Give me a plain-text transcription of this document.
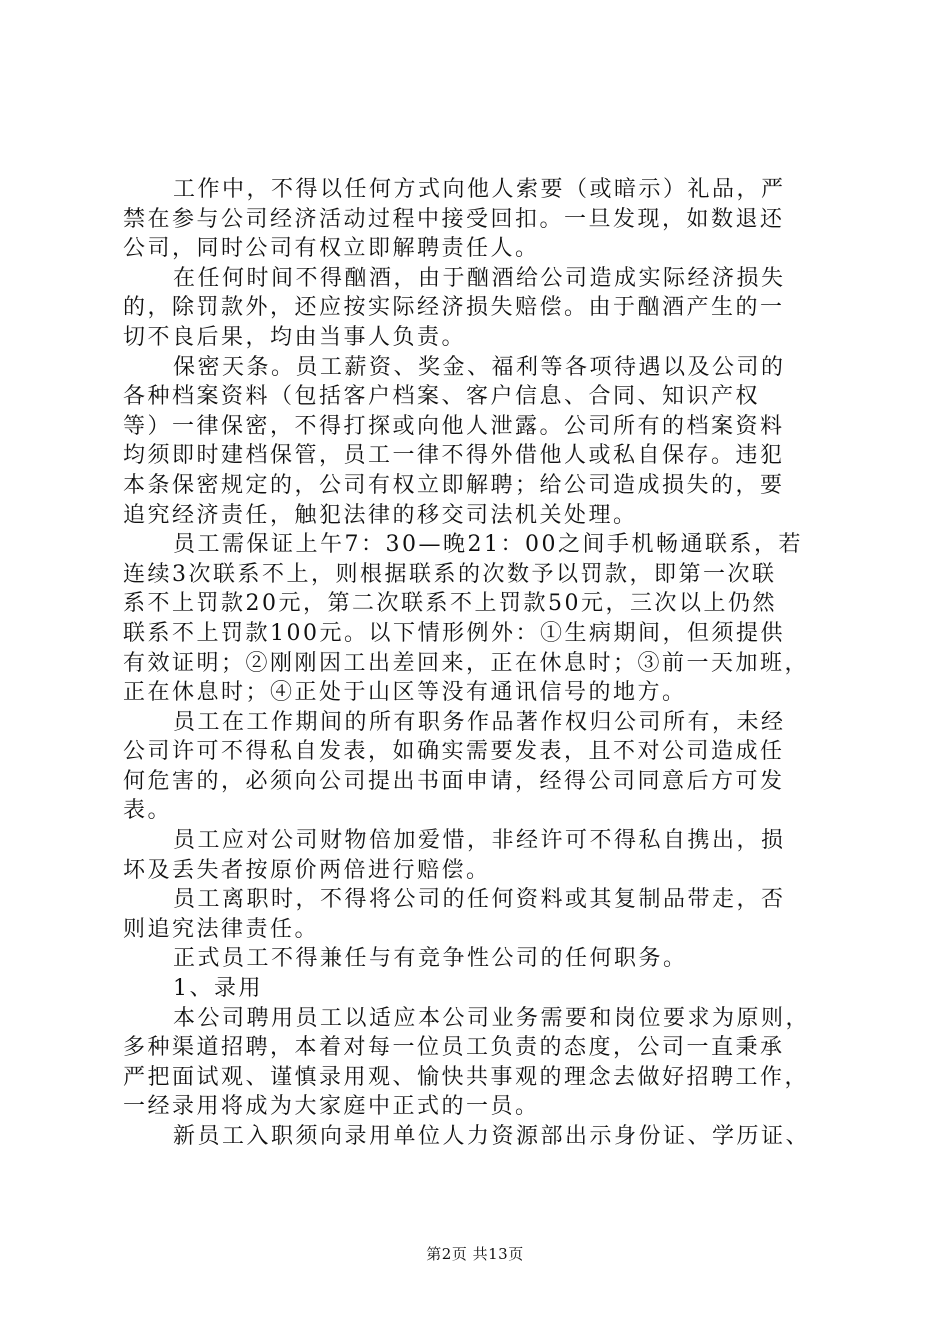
工作中，不得以任何方式向他人索要（或暗示）礼品，严
禁在参与公司经济活动过程中接受回扣。一旦发现，如数退还
公司，同时公司有权立即解聘责任人。

在任何时间不得酗酒，由于酗酒给公司造成实际经济损失
的，除罚款外，还应按实际经济损失赔偿。由于酗酒产生的一
切不良后果，均由当事人负责。

保密天条。员工薪资、奖金、福利等各项待遇以及公司的
各种档案资料（包括客户档案、客户信息、合同、知识产权
等）一律保密，不得打探或向他人泄露。公司所有的档案资料
均须即时建档保管，员工一律不得外借他人或私自保存。违犯
本条保密规定的，公司有权立即解聘；给公司造成损失的，要
追究经济责任，触犯法律的移交司法机关处理。

员工需保证上午7：30—晚21：00之间手机畅通联系，若
连续3次联系不上，则根据联系的次数予以罚款，即第一次联
系不上罚款20元，第二次联系不上罚款50元，三次以上仍然
联系不上罚款100元。以下情形例外：①生病期间，但须提供
有效证明；②刚刚因工出差回来，正在休息时；③前一天加班，
正在休息时；④正处于山区等没有通讯信号的地方。

员工在工作期间的所有职务作品著作权归公司所有，未经
公司许可不得私自发表，如确实需要发表，且不对公司造成任
何危害的，必须向公司提出书面申请，经得公司同意后方可发
表。

员工应对公司财物倍加爱惜，非经许可不得私自携出，损
坏及丢失者按原价两倍进行赔偿。

员工离职时，不得将公司的任何资料或其复制品带走，否
则追究法律责任。

正式员工不得兼任与有竞争性公司的任何职务。

1、录用

本公司聘用员工以适应本公司业务需要和岗位要求为原则，
多种渠道招聘，本着对每一位员工负责的态度，公司一直秉承
严把面试观、谨慎录用观、愉快共事观的理念去做好招聘工作，
一经录用将成为大家庭中正式的一员。

新员工入职须向录用单位人力资源部出示身份证、学历证、

第2页 共13页
